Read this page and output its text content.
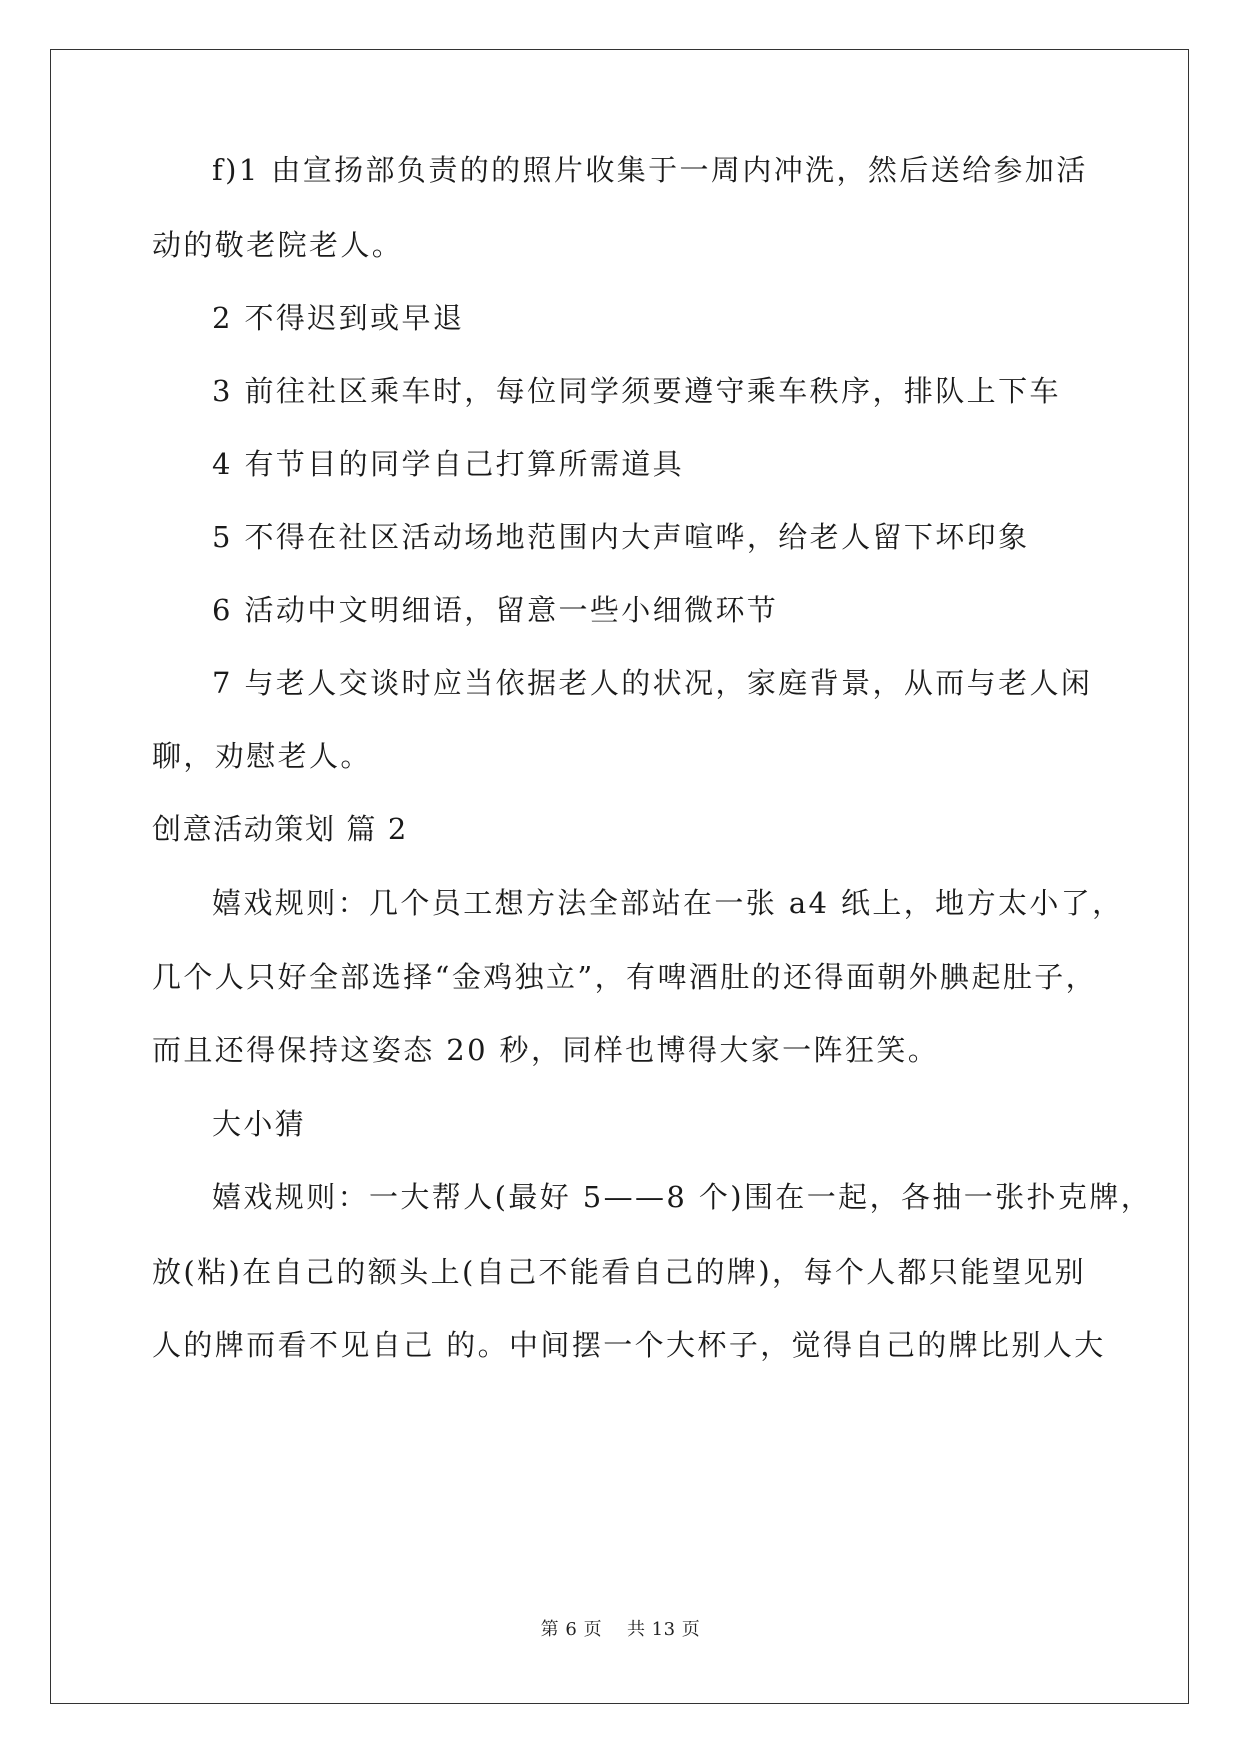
f)1 由宣扬部负责的的照片收集于一周内冲洗，然后送给参加活
动的敬老院老人。
2 不得迟到或早退
3 前往社区乘车时，每位同学须要遵守乘车秩序，排队上下车
4 有节目的同学自己打算所需道具
5 不得在社区活动场地范围内大声喧哗，给老人留下坏印象
6 活动中文明细语，留意一些小细微环节
7 与老人交谈时应当依据老人的状况，家庭背景，从而与老人闲
聊，劝慰老人。
创意活动策划 篇 2
嬉戏规则：几个员工想方法全部站在一张 a4 纸上，地方太小了，
几个人只好全部选择“金鸡独立”，有啤酒肚的还得面朝外腆起肚子，
而且还得保持这姿态 20 秒，同样也博得大家一阵狂笑。
大小猜
嬉戏规则：一大帮人(最好 5——8 个)围在一起，各抽一张扑克牌，
放(粘)在自己的额头上(自己不能看自己的牌)，每个人都只能望见别
人的牌而看不见自己 的。中间摆一个大杯子，觉得自己的牌比别人大
第 6 页    共 13 页
